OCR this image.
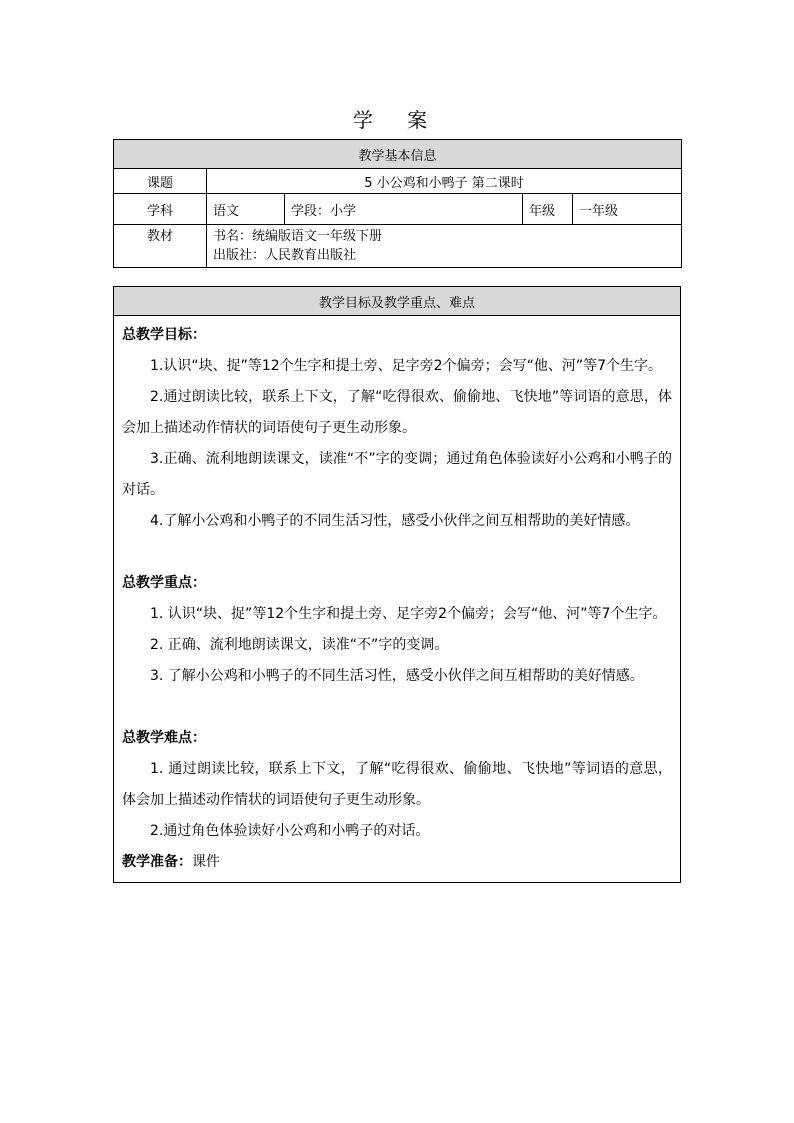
学 案
教学基本信息				
课题	5 小公鸡和小鸭子 第二课时			
学科	语文	学段：小学	年级	一年级
教材	书名：统编版语文一年级下册
出版社：人民教育出版社			
教学目标及教学重点、难点

总教学目标：

1.认识“块、捉”等12个生字和提土旁、足字旁2个偏旁；会写“他、河”等7个生字。

2.通过朗读比较，联系上下文，了解“吃得很欢、偷偷地、飞快地”等词语的意思，体会加上描述动作情状的词语使句子更生动形象。

3.正确、流利地朗读课文，读准“不”字的变调；通过角色体验读好小公鸡和小鸭子的对话。

4.了解小公鸡和小鸭子的不同生活习性，感受小伙伴之间互相帮助的美好情感。

总教学重点：

1. 认识“块、捉”等12个生字和提土旁、足字旁2个偏旁；会写“他、河”等7个生字。

2. 正确、流利地朗读课文，读准“不”字的变调。

3. 了解小公鸡和小鸭子的不同生活习性，感受小伙伴之间互相帮助的美好情感。

总教学难点：

1. 通过朗读比较，联系上下文，了解“吃得很欢、偷偷地、飞快地”等词语的意思，体会加上描述动作情状的词语使句子更生动形象。

2.通过角色体验读好小公鸡和小鸭子的对话。

教学准备：课件
